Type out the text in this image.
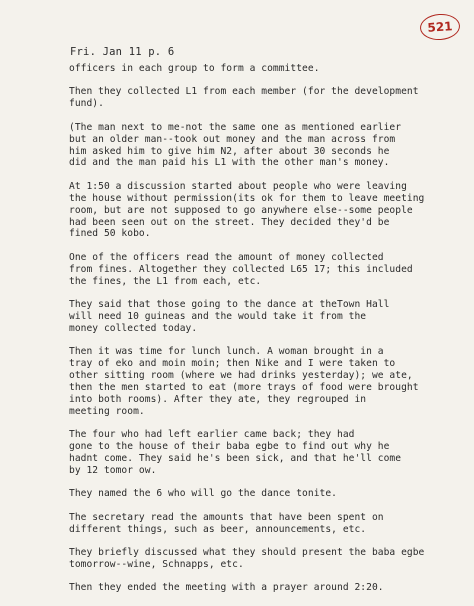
521
Fri. Jan 11 p. 6

officers in each group to form a committee.

Then they collected L1 from each member (for the development
fund).

(The man next to me-not the same one as mentioned earlier
but an older man--took out money and the man across from
him asked him to give him N2, after about 30 seconds he
did and the man paid his L1 with the other man's money.

At 1:50 a discussion started about people who were leaving
the house without permission(its ok for them to leave meeting
room, but are not supposed to go anywhere else--some people
had been seen out on the street. They decided they'd be
fined 50 kobo.

One of the officers read the amount of money collected
from fines. Altogether they collected L65 17; this included
the fines, the L1 from each, etc.

They said that those going to the dance at theTown Hall
will need 10 guineas and the would take it from the
money collected today.

Then it was time for lunch lunch. A woman brought in a
tray of eko and moin moin; then Nike and I were taken to
other sitting room (where we had drinks yesterday); we ate,
then the men started to eat (more trays of food were brought
into both rooms). After they ate, they regrouped in
meeting room.

The four who had left earlier came back; they had
gone to the house of their baba egbe to find out why he
hadnt come. They said he's been sick, and that he'll come
by 12 tomor ow.

They named the 6 who will go the dance tonite.

The secretary read the amounts that have been spent on
different things, such as beer, announcements, etc.

They briefly discussed what they should present the baba egbe
tomorrow--wine, Schnapps, etc.

Then they ended the meeting with a prayer around 2:20.
